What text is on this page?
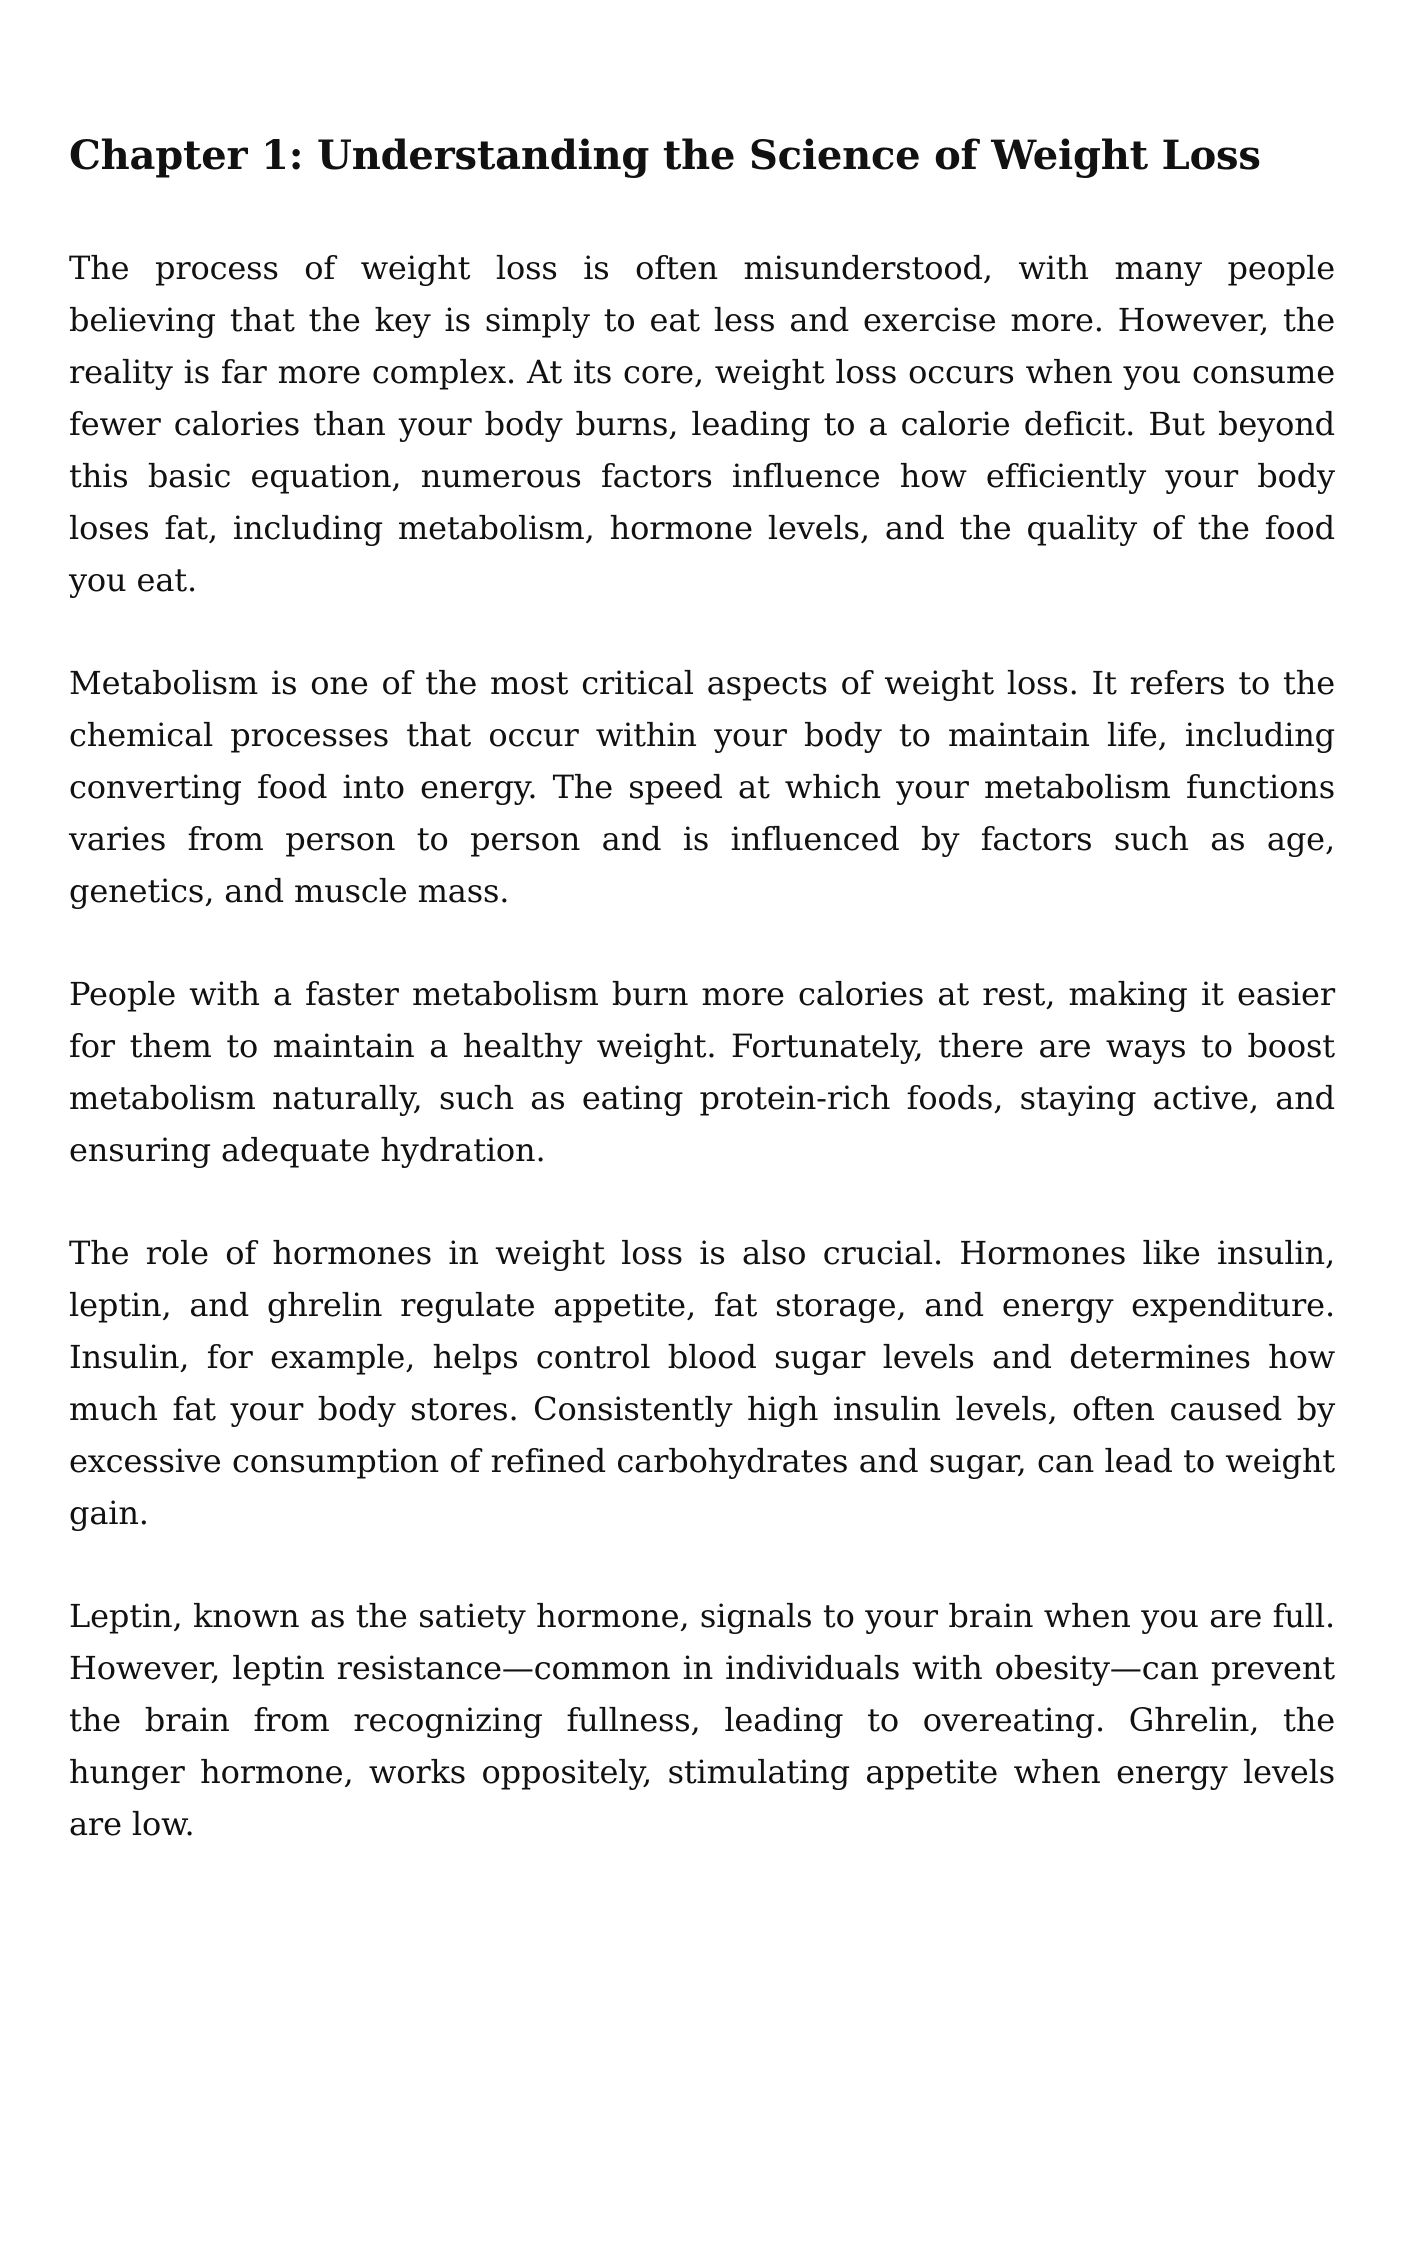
Chapter 1: Understanding the Science of Weight Loss

The process of weight loss is often misunderstood, with many people believing that the key is simply to eat less and exercise more. However, the reality is far more complex. At its core, weight loss occurs when you consume fewer calories than your body burns, leading to a calorie deficit. But beyond this basic equation, numerous factors influence how efficiently your body loses fat, including metabolism, hormone levels, and the quality of the food you eat.

Metabolism is one of the most critical aspects of weight loss. It refers to the chemical processes that occur within your body to maintain life, including converting food into energy. The speed at which your metabolism functions varies from person to person and is influenced by factors such as age, genetics, and muscle mass.

People with a faster metabolism burn more calories at rest, making it easier for them to maintain a healthy weight. Fortunately, there are ways to boost metabolism naturally, such as eating protein-rich foods, staying active, and ensuring adequate hydration.

The role of hormones in weight loss is also crucial. Hormones like insulin, leptin, and ghrelin regulate appetite, fat storage, and energy expenditure. Insulin, for example, helps control blood sugar levels and determines how much fat your body stores. Consistently high insulin levels, often caused by excessive consumption of refined carbohydrates and sugar, can lead to weight gain.

Leptin, known as the satiety hormone, signals to your brain when you are full. However, leptin resistance—common in individuals with obesity—can prevent the brain from recognizing fullness, leading to overeating. Ghrelin, the hunger hormone, works oppositely, stimulating appetite when energy levels are low.
